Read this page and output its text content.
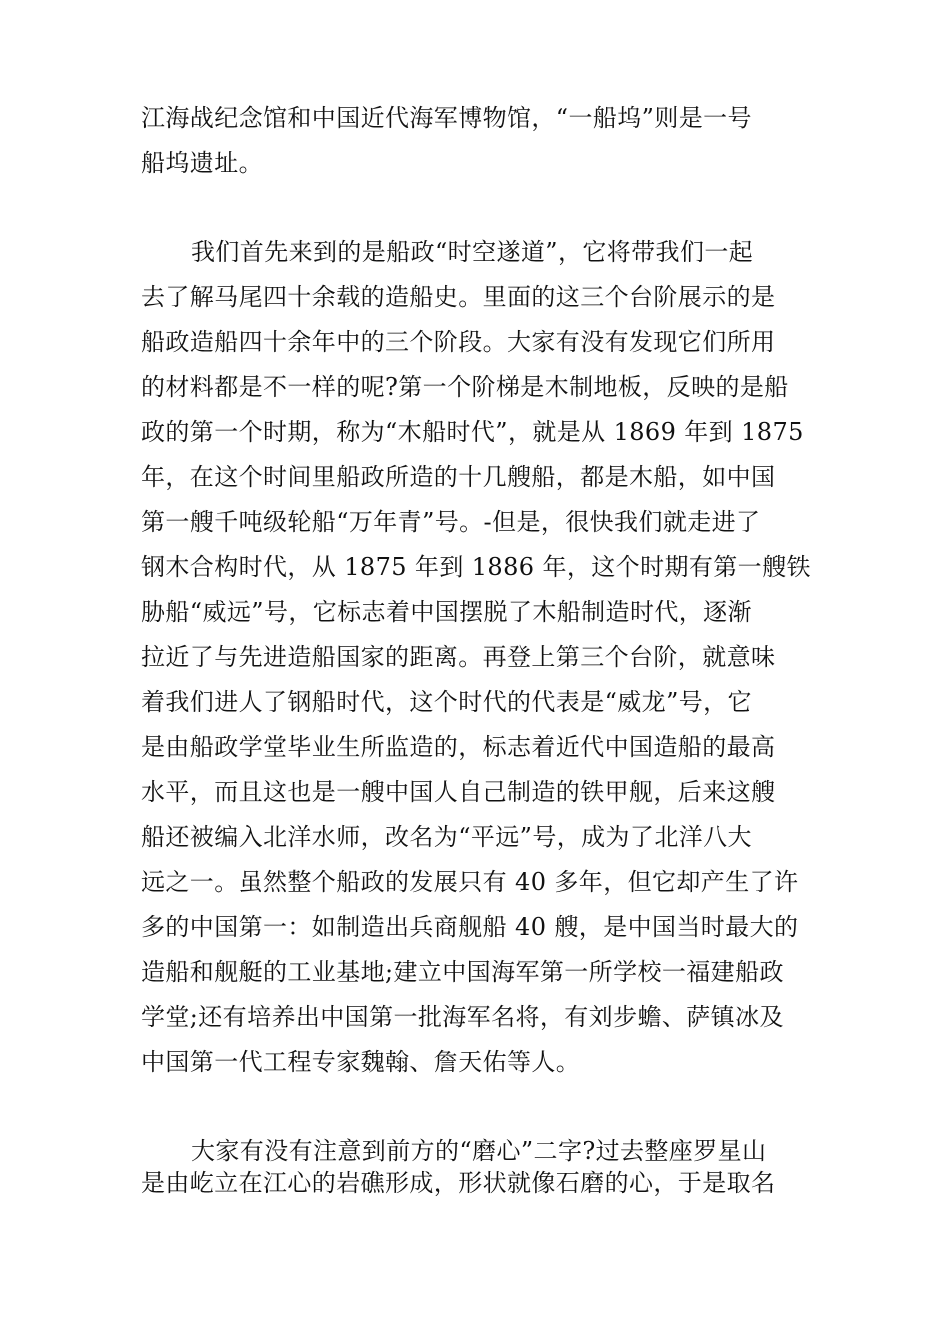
江海战纪念馆和中国近代海军博物馆，“一船坞”则是一号
船坞遗址。
我们首先来到的是船政“时空遂道”，它将带我们一起
去了解马尾四十余载的造船史。里面的这三个台阶展示的是
船政造船四十余年中的三个阶段。大家有没有发现它们所用
的材料都是不一样的呢?第一个阶梯是木制地板，反映的是船
政的第一个时期，称为“木船时代”，就是从 1869 年到 1875
年，在这个时间里船政所造的十几艘船，都是木船，如中国
第一艘千吨级轮船“万年青”号。-但是，很快我们就走进了
钢木合构时代，从 1875 年到 1886 年，这个时期有第一艘铁
胁船“威远”号，它标志着中国摆脱了木船制造时代，逐渐
拉近了与先进造船国家的距离。再登上第三个台阶，就意味
着我们进人了钢船时代，这个时代的代表是“威龙”号，它
是由船政学堂毕业生所监造的，标志着近代中国造船的最高
水平，而且这也是一艘中国人自己制造的铁甲舰，后来这艘
船还被编入北洋水师，改名为“平远”号，成为了北洋八大
远之一。虽然整个船政的发展只有 40 多年，但它却产生了许
多的中国第一：如制造出兵商舰船 40 艘，是中国当时最大的
造船和舰艇的工业基地;建立中国海军第一所学校一福建船政
学堂;还有培养出中国第一批海军名将，有刘步蟾、萨镇冰及
中国第一代工程专家魏翰、詹天佑等人。
大家有没有注意到前方的“磨心”二字?过去整座罗星山
是由屹立在江心的岩礁形成，形状就像石磨的心，于是取名
